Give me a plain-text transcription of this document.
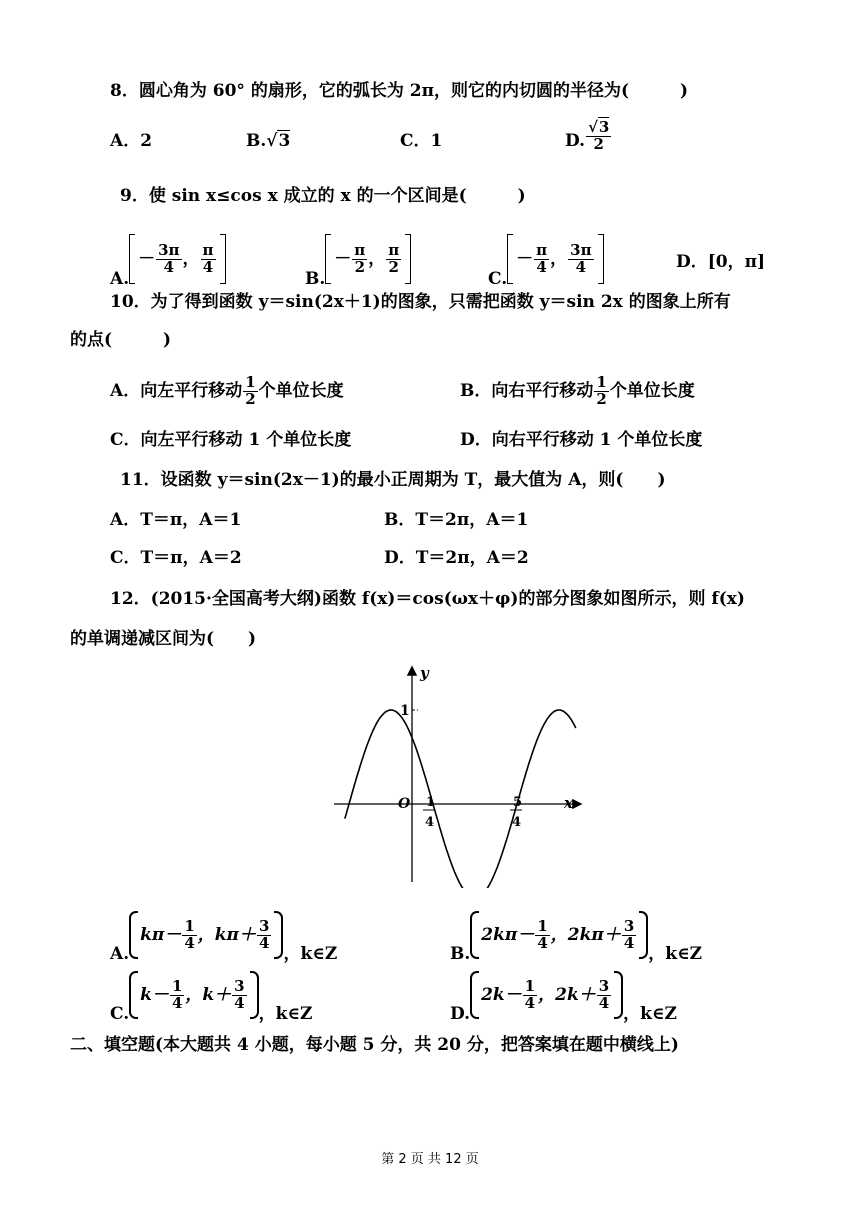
8．圆心角为 60° 的扇形，它的弧长为 2π，则它的内切圆的半径为(　　　)
A．2	B.√3	C．1	D. $\frac{√3}{2}$
9．使 sin x≤cos x 成立的 x 的一个区间是(　　　)
A.
－ $\frac{3\pi}{4}$ ， $\frac{\pi}{4}$
B.
－ $\frac{\pi}{2}$ ， $\frac{\pi}{2}$
C.
－ $\frac{\pi}{4}$ ， $\frac{3\pi}{4}$	D．[0，π]
10．为了得到函数 y＝sin(2x＋1)的图象，只需把函数 y＝sin 2x 的图象上所有
的点(　　　)
A．向左平行移动 $\frac{1}{2}$ 个单位长度	B．向右平行移动 $\frac{1}{2}$ 个单位长度
C．向左平行移动 1 个单位长度	D．向右平行移动 1 个单位长度
11．设函数 y＝sin(2x－1)的最小正周期为 T，最大值为 A，则(　　)
A．T＝π，A＝1	B．T＝2π，A＝1
C．T＝π，A＝2	D．T＝2π，A＝2
12．(2015·全国高考大纲)函数 f(x)＝cos(ωx＋φ)的部分图象如图所示，则 f(x)
的单调递减区间为(　　)
y
x
O
1
1
4
5
4
A.
$k\pi- \frac{1}{4}$ ，$k\pi+ \frac{3}{4}$
，k∈Z	B.
$2k\pi- \frac{1}{4}$ ，$2k\pi+ \frac{3}{4}$
，k∈Z
C.
$k- \frac{1}{4}$ ，$k+ \frac{3}{4}$
，k∈Z	D.
$2k- \frac{1}{4}$ ，$2k+ \frac{3}{4}$
，k∈Z
二、填空题(本大题共 4 小题，每小题 5 分，共 20 分，把答案填在题中横线上)
第 2 页 共 12 页
